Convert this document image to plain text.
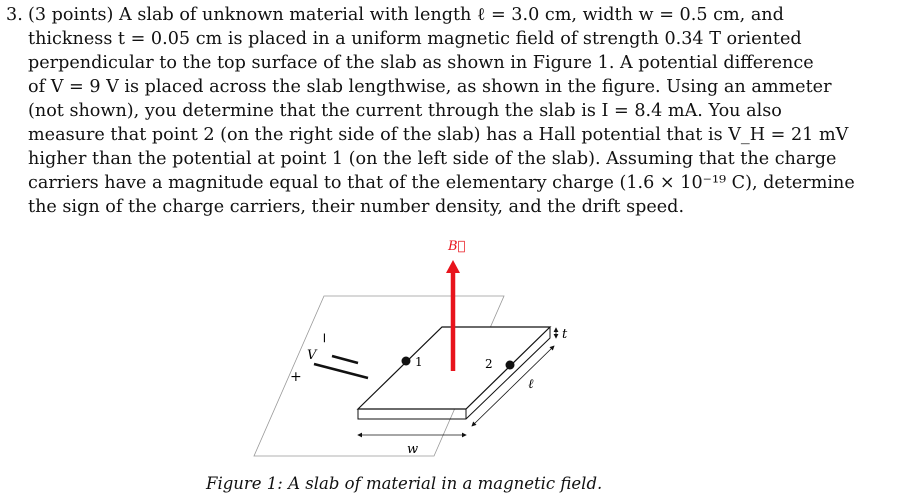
3. (3 points) A slab of unknown material with length ℓ = 3.0 cm, width w = 0.5 cm, and

thickness t = 0.05 cm is placed in a uniform magnetic field of strength 0.34 T oriented

perpendicular to the top surface of the slab as shown in Figure 1. A potential difference

of V = 9 V is placed across the slab lengthwise, as shown in the figure. Using an ammeter

(not shown), you determine that the current through the slab is I = 8.4 mA. You also

measure that point 2 (on the right side of the slab) has a Hall potential that is V_H = 21 mV

higher than the potential at point 1 (on the left side of the slab). Assuming that the charge

carriers have a magnitude equal to that of the elementary charge (1.6 × 10⁻¹⁹ C), determine

the sign of the charge carriers, their number density, and the drift speed.

V
−
+
1	2
B⃗
t
ℓ
w
Figure 1: A slab of material in a magnetic field.
